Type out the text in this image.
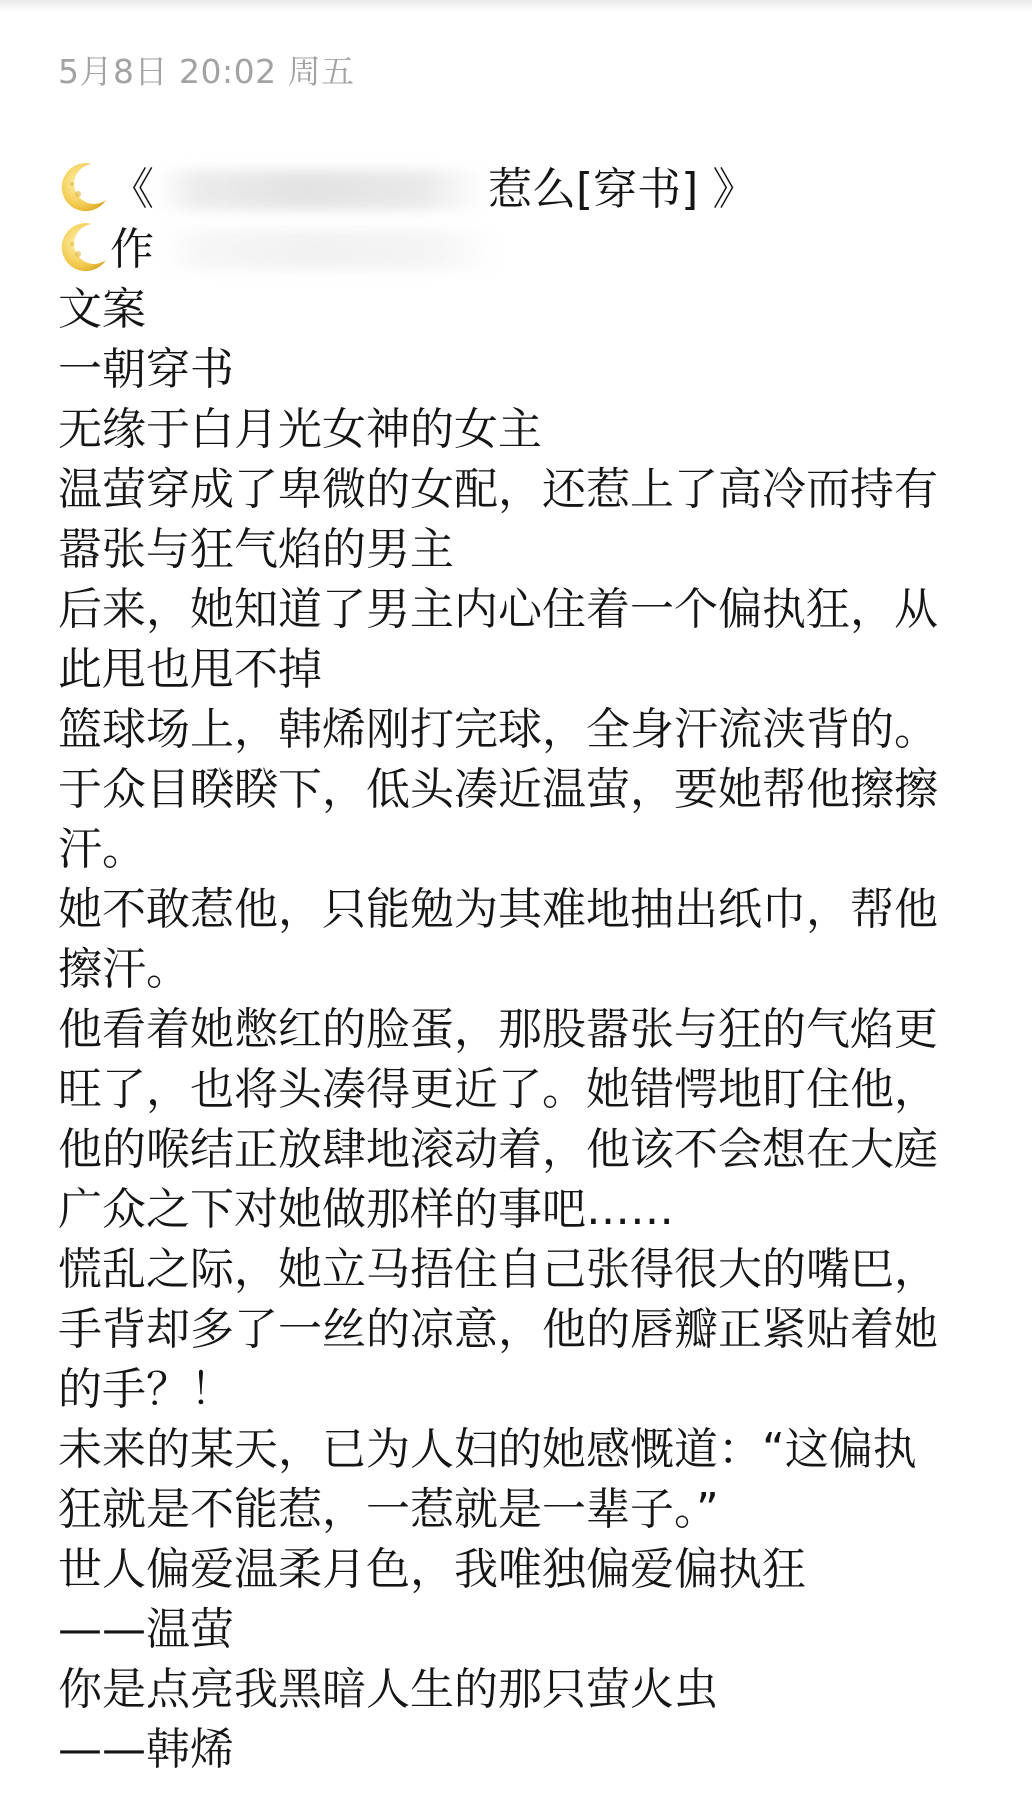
5月8日 20:02 周五
《	惹么[穿书] 》
作
文案
一朝穿书
无缘于白月光女神的女主
温萤穿成了卑微的女配，还惹上了高冷而持有
嚣张与狂气焰的男主
后来，她知道了男主内心住着一个偏执狂，从
此甩也甩不掉
篮球场上，韩烯刚打完球，全身汗流浃背的。
于众目睽睽下，低头凑近温萤，要她帮他擦擦
汗。
她不敢惹他，只能勉为其难地抽出纸巾，帮他
擦汗。
他看着她憋红的脸蛋，那股嚣张与狂的气焰更
旺了，也将头凑得更近了。她错愕地盯住他，
他的喉结正放肆地滚动着，他该不会想在大庭
广众之下对她做那样的事吧……
慌乱之际，她立马捂住自己张得很大的嘴巴，
手背却多了一丝的凉意，他的唇瓣正紧贴着她
的手？！
未来的某天，已为人妇的她感慨道：“这偏执
狂就是不能惹，一惹就是一辈子。”
世人偏爱温柔月色，我唯独偏爱偏执狂
——温萤
你是点亮我黑暗人生的那只萤火虫
——韩烯
